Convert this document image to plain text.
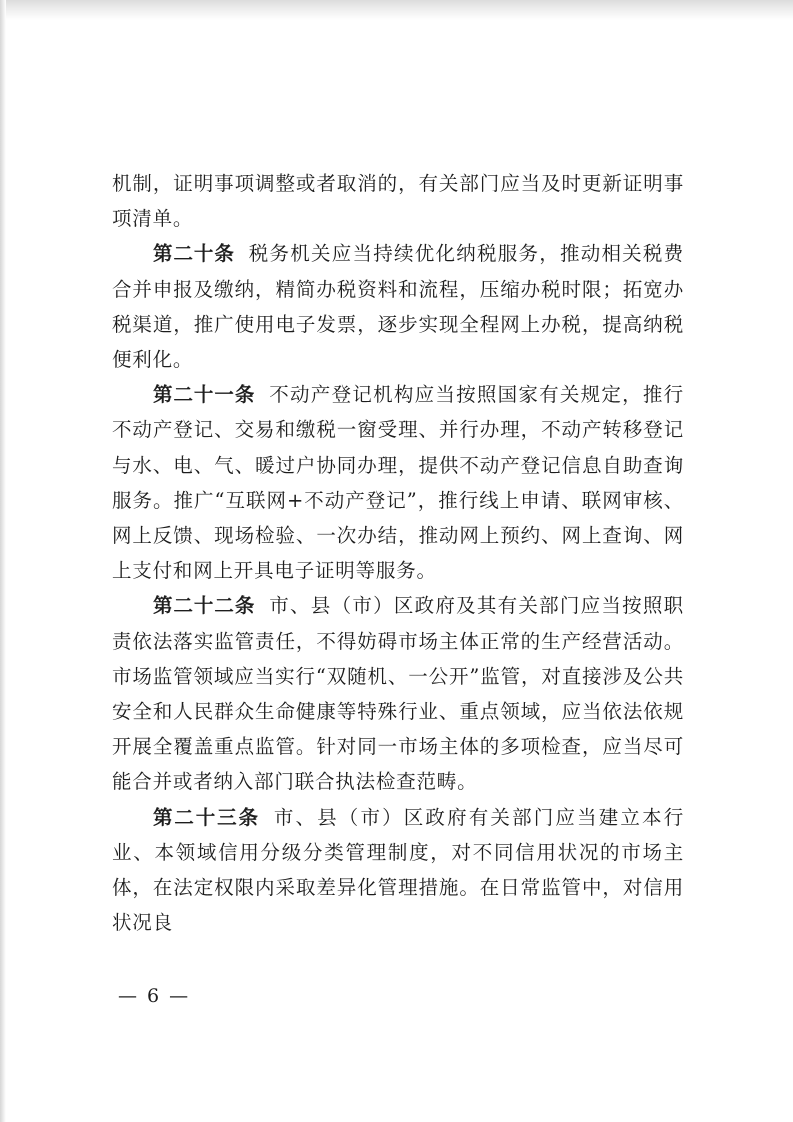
机制，证明事项调整或者取消的，有关部门应当及时更新证明事项清单。

第二十条 税务机关应当持续优化纳税服务，推动相关税费合并申报及缴纳，精简办税资料和流程，压缩办税时限；拓宽办税渠道，推广使用电子发票，逐步实现全程网上办税，提高纳税便利化。

第二十一条 不动产登记机构应当按照国家有关规定，推行不动产登记、交易和缴税一窗受理、并行办理，不动产转移登记与水、电、气、暖过户协同办理，提供不动产登记信息自助查询服务。推广“互联网+不动产登记”，推行线上申请、联网审核、网上反馈、现场检验、一次办结，推动网上预约、网上查询、网上支付和网上开具电子证明等服务。

第二十二条 市、县（市）区政府及其有关部门应当按照职责依法落实监管责任，不得妨碍市场主体正常的生产经营活动。市场监管领域应当实行“双随机、一公开”监管，对直接涉及公共安全和人民群众生命健康等特殊行业、重点领域，应当依法依规开展全覆盖重点监管。针对同一市场主体的多项检查，应当尽可能合并或者纳入部门联合执法检查范畴。

第二十三条 市、县（市）区政府有关部门应当建立本行业、本领域信用分级分类管理制度，对不同信用状况的市场主体，在法定权限内采取差异化管理措施。在日常监管中，对信用状况良

— 6 —
